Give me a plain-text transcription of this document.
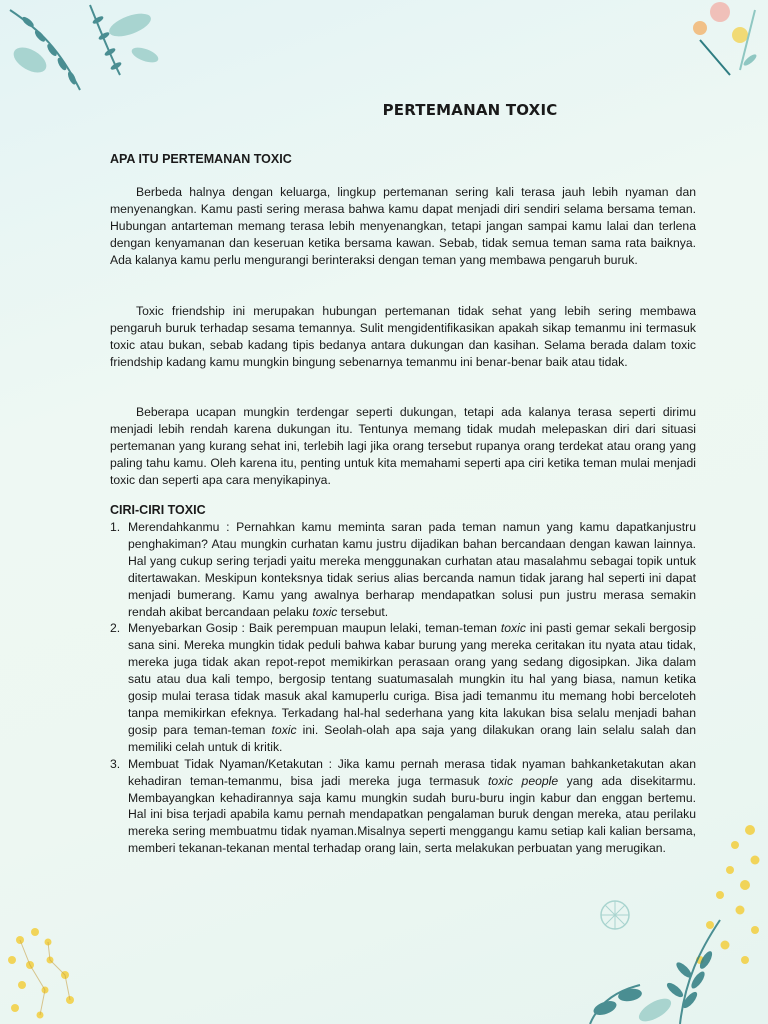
PERTEMANAN TOXIC
APA ITU PERTEMANAN TOXIC

Berbeda halnya dengan keluarga, lingkup pertemanan sering kali terasa jauh lebih nyaman dan menyenangkan. Kamu pasti sering merasa bahwa kamu dapat menjadi diri sendiri selama bersama teman. Hubungan antarteman memang terasa lebih menyenangkan, tetapi jangan sampai kamu lalai dan terlena dengan kenyamanan dan keseruan ketika bersama kawan. Sebab, tidak semua teman sama rata baiknya. Ada kalanya kamu perlu mengurangi berinteraksi dengan teman yang membawa pengaruh buruk.

Toxic friendship ini merupakan hubungan pertemanan tidak sehat yang lebih sering membawa pengaruh buruk terhadap sesama temannya. Sulit mengidentifikasikan apakah sikap temanmu ini termasuk toxic atau bukan, sebab kadang tipis bedanya antara dukungan dan kasihan. Selama berada dalam toxic friendship kadang kamu mungkin bingung sebenarnya temanmu ini benar-benar baik atau tidak.

Beberapa ucapan mungkin terdengar seperti dukungan, tetapi ada kalanya terasa seperti dirimu menjadi lebih rendah karena dukungan itu. Tentunya memang tidak mudah melepaskan diri dari situasi pertemanan yang kurang sehat ini, terlebih lagi jika orang tersebut rupanya orang terdekat atau orang yang paling tahu kamu. Oleh karena itu, penting untuk kita memahami seperti apa ciri ketika teman mulai menjadi toxic dan seperti apa cara menyikapinya.

CIRI-CIRI TOXIC
1. Merendahkanmu : Pernahkan kamu meminta saran pada teman namun yang kamu dapatkanjustru penghakiman? Atau mungkin curhatan kamu justru dijadikan bahan bercandaan dengan kawan lainnya. Hal yang cukup sering terjadi yaitu mereka menggunakan curhatan atau masalahmu sebagai topik untuk ditertawakan. Meskipun konteksnya tidak serius alias bercanda namun tidak jarang hal seperti ini dapat menjadi bumerang. Kamu yang awalnya berharap mendapatkan solusi pun justru merasa semakin rendah akibat bercandaan pelaku toxic tersebut.
2. Menyebarkan Gosip : Baik perempuan maupun lelaki, teman-teman toxic ini pasti gemar sekali bergosip sana sini. Mereka mungkin tidak peduli bahwa kabar burung yang mereka ceritakan itu nyata atau tidak, mereka juga tidak akan repot-repot memikirkan perasaan orang yang sedang digosipkan. Jika dalam satu atau dua kali tempo, bergosip tentang suatumasalah mungkin itu hal yang biasa, namun ketika gosip mulai terasa tidak masuk akal kamuperlu curiga. Bisa jadi temanmu itu memang hobi berceloteh tanpa memikirkan efeknya. Terkadang hal-hal sederhana yang kita lakukan bisa selalu menjadi bahan gosip para teman-teman toxic ini. Seolah-olah apa saja yang dilakukan orang lain selalu salah dan memiliki celah untuk di kritik.
3. Membuat Tidak Nyaman/Ketakutan : Jika kamu pernah merasa tidak nyaman bahkanketakutan akan kehadiran teman-temanmu, bisa jadi mereka juga termasuk toxic people yang ada disekitarmu. Membayangkan kehadirannya saja kamu mungkin sudah buru-buru ingin kabur dan enggan bertemu. Hal ini bisa terjadi apabila kamu pernah mendapatkan pengalaman buruk dengan mereka, atau perilaku mereka sering membuatmu tidak nyaman.Misalnya seperti menggangu kamu setiap kali kalian bersama, memberi tekanan-tekanan mental terhadap orang lain, serta melakukan perbuatan yang merugikan.
